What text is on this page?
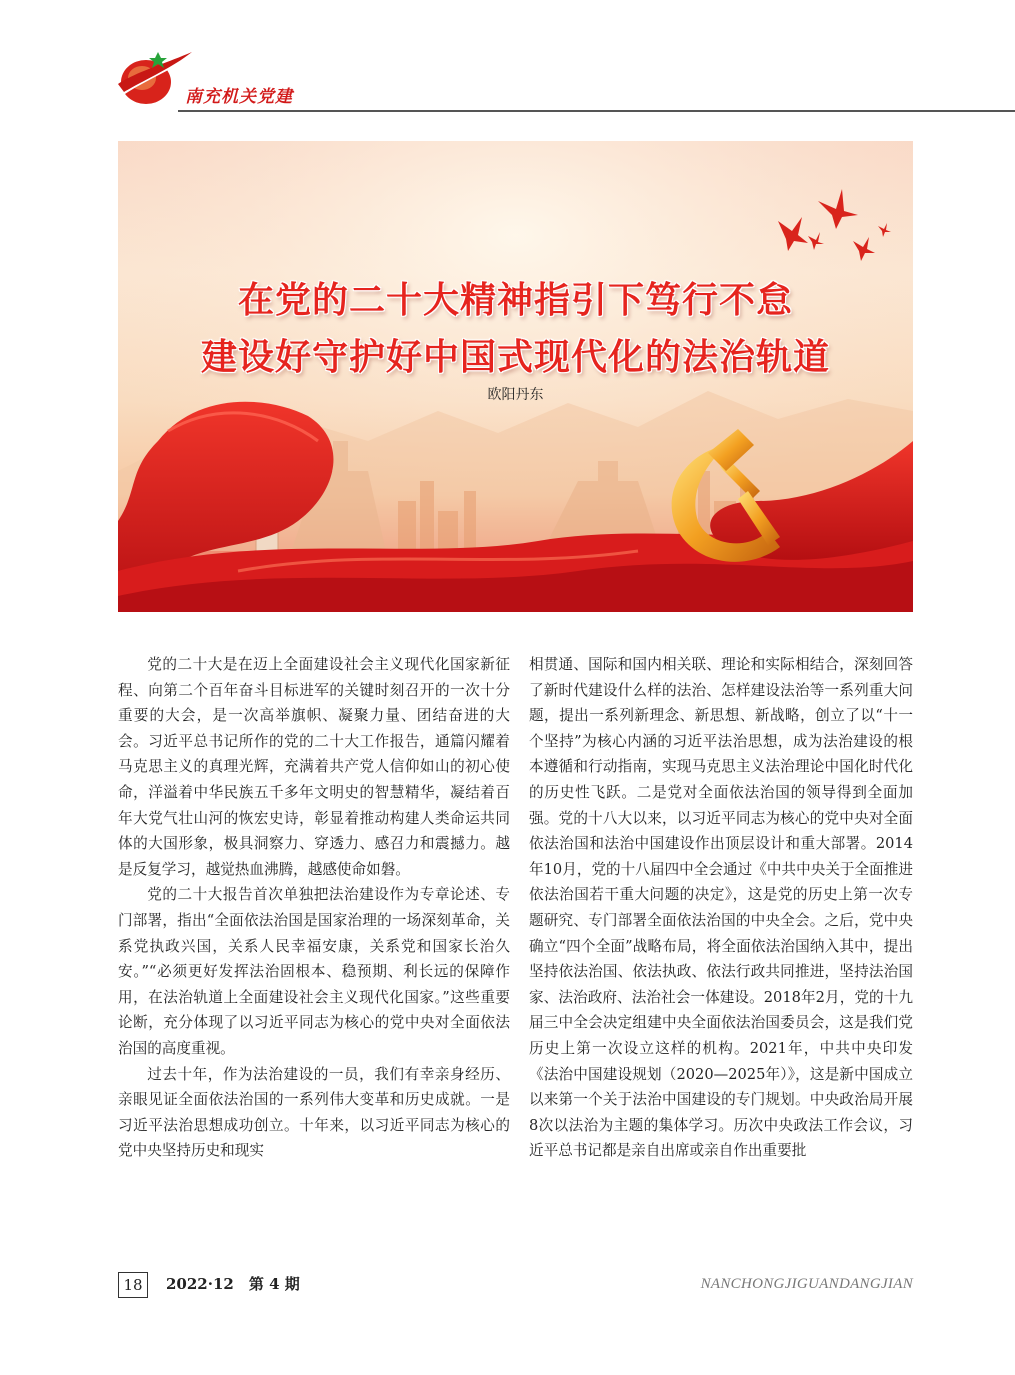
南充机关党建
在党的二十大精神指引下笃行不怠
建设好守护好中国式现代化的法治轨道
欧阳丹东

党的二十大是在迈上全面建设社会主义现代化国家新征程、向第二个百年奋斗目标进军的关键时刻召开的一次十分重要的大会，是一次高举旗帜、凝聚力量、团结奋进的大会。习近平总书记所作的党的二十大工作报告，通篇闪耀着马克思主义的真理光辉，充满着共产党人信仰如山的初心使命，洋溢着中华民族五千多年文明史的智慧精华，凝结着百年大党气壮山河的恢宏史诗，彰显着推动构建人类命运共同体的大国形象，极具洞察力、穿透力、感召力和震撼力。越是反复学习，越觉热血沸腾，越感使命如磐。

党的二十大报告首次单独把法治建设作为专章论述、专门部署，指出“全面依法治国是国家治理的一场深刻革命，关系党执政兴国，关系人民幸福安康，关系党和国家长治久安。”“必须更好发挥法治固根本、稳预期、利长远的保障作用，在法治轨道上全面建设社会主义现代化国家。”这些重要论断，充分体现了以习近平同志为核心的党中央对全面依法治国的高度重视。

过去十年，作为法治建设的一员，我们有幸亲身经历、亲眼见证全面依法治国的一系列伟大变革和历史成就。一是习近平法治思想成功创立。十年来，以习近平同志为核心的党中央坚持历史和现实

相贯通、国际和国内相关联、理论和实际相结合，深刻回答了新时代建设什么样的法治、怎样建设法治等一系列重大问题，提出一系列新理念、新思想、新战略，创立了以“十一个坚持”为核心内涵的习近平法治思想，成为法治建设的根本遵循和行动指南，实现马克思主义法治理论中国化时代化的历史性飞跃。二是党对全面依法治国的领导得到全面加强。党的十八大以来，以习近平同志为核心的党中央对全面依法治国和法治中国建设作出顶层设计和重大部署。2014年10月，党的十八届四中全会通过《中共中央关于全面推进依法治国若干重大问题的决定》，这是党的历史上第一次专题研究、专门部署全面依法治国的中央全会。之后，党中央确立“四个全面”战略布局，将全面依法治国纳入其中，提出坚持依法治国、依法执政、依法行政共同推进，坚持法治国家、法治政府、法治社会一体建设。2018年2月，党的十九届三中全会决定组建中央全面依法治国委员会，这是我们党历史上第一次设立这样的机构。2021年，中共中央印发《法治中国建设规划（2020—2025年）》，这是新中国成立以来第一个关于法治中国建设的专门规划。中央政治局开展8次以法治为主题的集体学习。历次中央政法工作会议，习近平总书记都是亲自出席或亲自作出重要批

18	2022·12　第 4 期	NANCHONGJIGUANDANGJIAN
